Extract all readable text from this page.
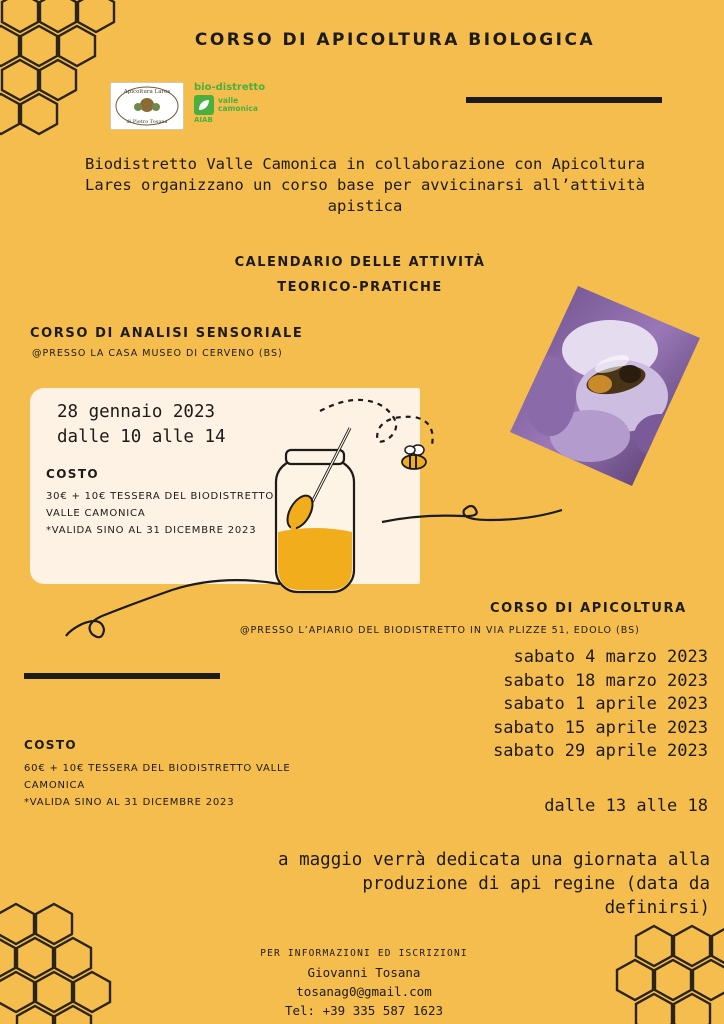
CORSO DI APICOLTURA BIOLOGICA
Apicoltura Lares
di Pietro Tosana
bio-distretto
valle
camonica
AIAB
Biodistretto Valle Camonica in collaborazione con Apicoltura Lares organizzano un corso base per avvicinarsi all’attività apistica
CALENDARIO DELLE ATTIVITÀ
TEORICO-PRATICHE
CORSO DI ANALISI SENSORIALE
@PRESSO LA CASA MUSEO DI CERVENO (BS)
28 gennaio 2023
dalle 10 alle 14
COSTO
30€ + 10€ TESSERA DEL BIODISTRETTO VALLE CAMONICA
*VALIDA SINO AL 31 DICEMBRE 2023
CORSO DI APICOLTURA
@PRESSO L’APIARIO DEL BIODISTRETTO IN VIA PLIZZE 51, EDOLO (BS)
sabato 4 marzo 2023
sabato 18 marzo 2023
sabato 1 aprile 2023
sabato 15 aprile 2023
sabato 29 aprile 2023
dalle 13 alle 18
COSTO
60€ + 10€ TESSERA DEL BIODISTRETTO VALLE CAMONICA
*VALIDA SINO AL 31 DICEMBRE 2023
a maggio verrà dedicata una giornata alla produzione di api regine (data da definirsi)
PER INFORMAZIONI ED ISCRIZIONI
Giovanni Tosana
tosanag0@gmail.com
Tel: +39 335 587 1623
